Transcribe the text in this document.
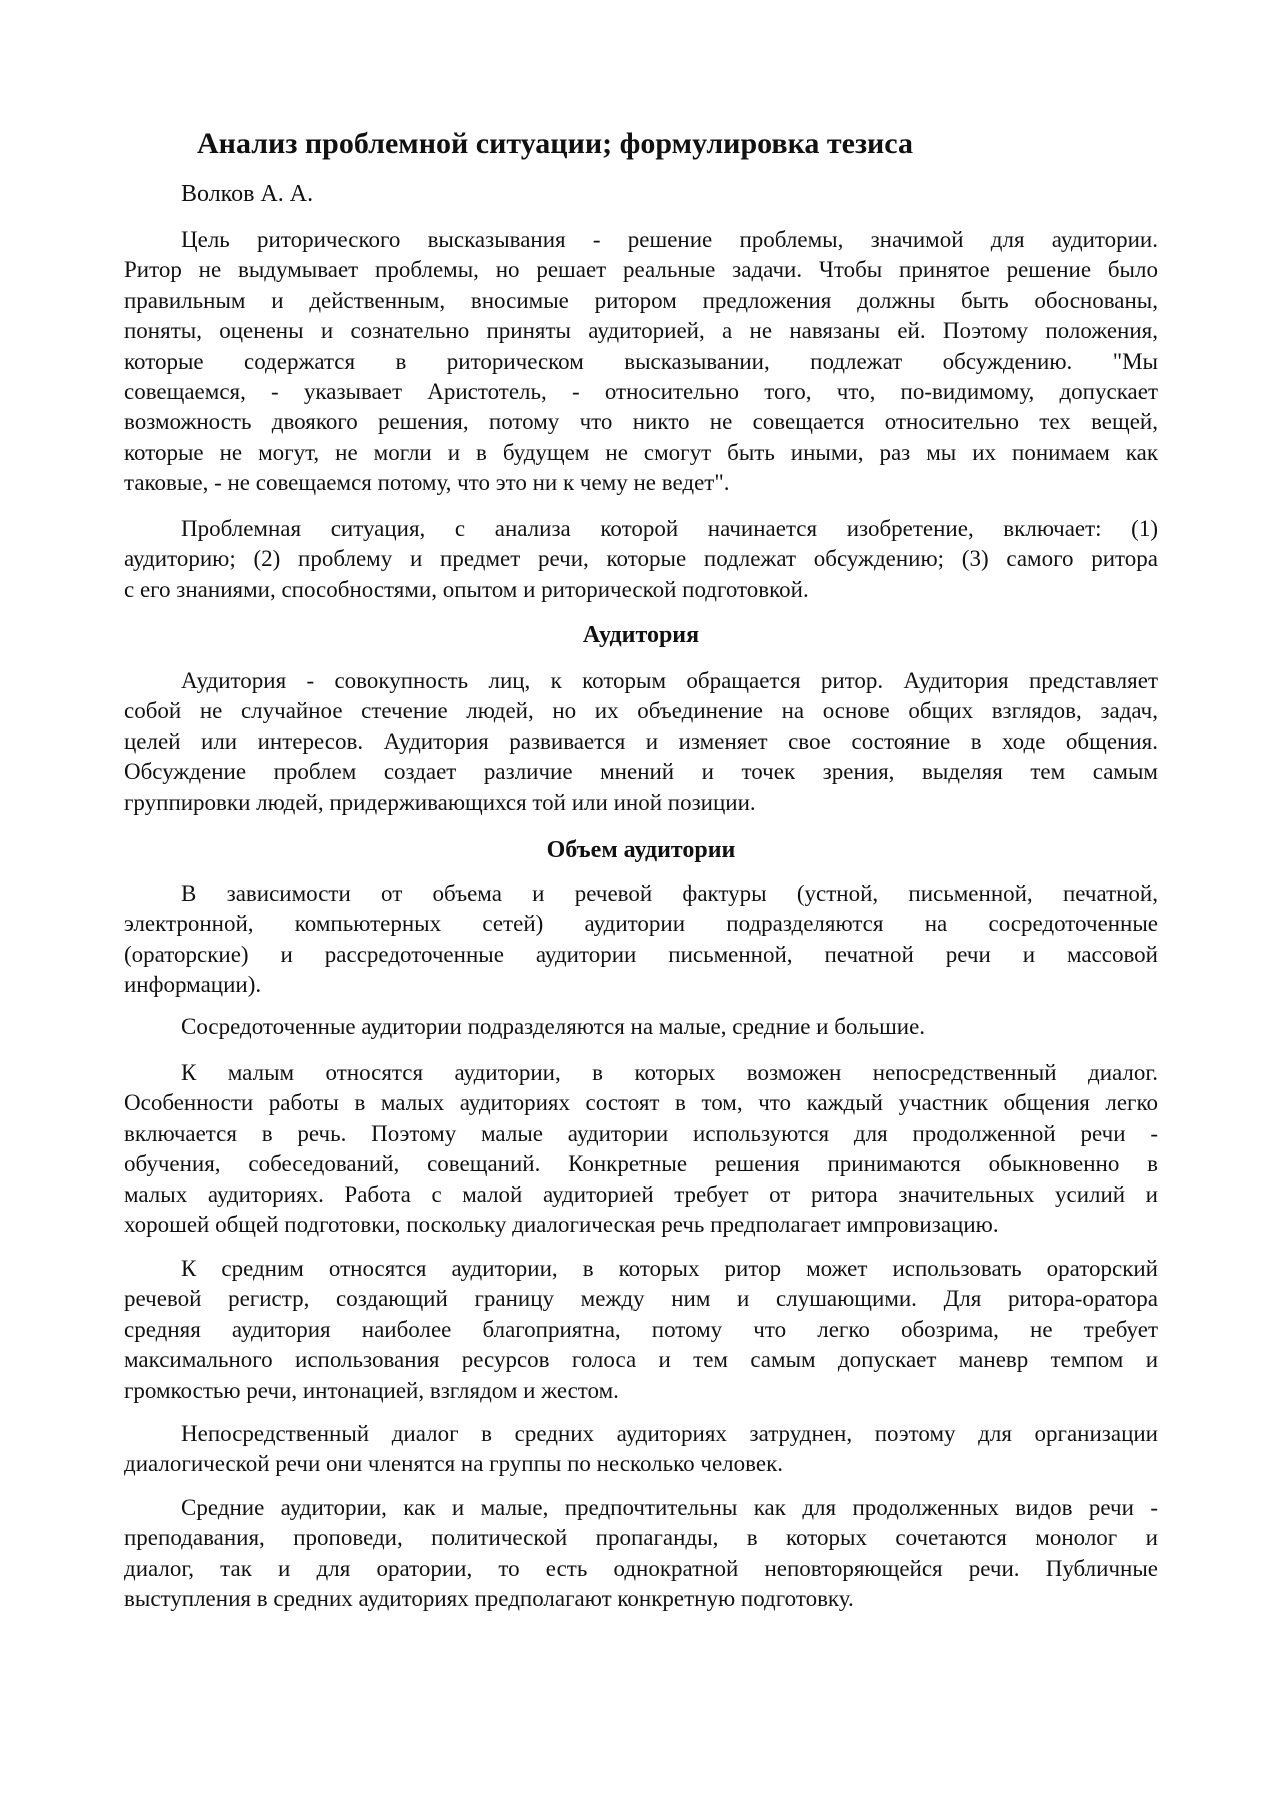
Анализ проблемной ситуации; формулировка тезиса
Волков А. А.
Цель риторического высказывания - решение проблемы, значимой для аудитории.
Ритор не выдумывает проблемы, но решает реальные задачи. Чтобы принятое решение было
правильным и действенным, вносимые ритором предложения должны быть обоснованы,
поняты, оценены и сознательно приняты аудиторией, а не навязаны ей. Поэтому положения,
которые содержатся в риторическом высказывании, подлежат обсуждению. "Мы
совещаемся, - указывает Аристотель, - относительно того, что, по-видимому, допускает
возможность двоякого решения, потому что никто не совещается относительно тех вещей,
которые не могут, не могли и в будущем не смогут быть иными, раз мы их понимаем как
таковые, - не совещаемся потому, что это ни к чему не ведет".
Проблемная ситуация, с анализа которой начинается изобретение, включает: (1)
аудиторию; (2) проблему и предмет речи, которые подлежат обсуждению; (3) самого ритора
с его знаниями, способностями, опытом и риторической подготовкой.
Аудитория
Аудитория - совокупность лиц, к которым обращается ритор. Аудитория представляет
собой не случайное стечение людей, но их объединение на основе общих взглядов, задач,
целей или интересов. Аудитория развивается и изменяет свое состояние в ходе общения.
Обсуждение проблем создает различие мнений и точек зрения, выделяя тем самым
группировки людей, придерживающихся той или иной позиции.
Объем аудитории
В зависимости от объема и речевой фактуры (устной, письменной, печатной,
электронной, компьютерных сетей) аудитории подразделяются на сосредоточенные
(ораторские) и рассредоточенные аудитории письменной, печатной речи и массовой
информации).
Сосредоточенные аудитории подразделяются на малые, средние и большие.
К малым относятся аудитории, в которых возможен непосредственный диалог.
Особенности работы в малых аудиториях состоят в том, что каждый участник общения легко
включается в речь. Поэтому малые аудитории используются для продолженной речи -
обучения, собеседований, совещаний. Конкретные решения принимаются обыкновенно в
малых аудиториях. Работа с малой аудиторией требует от ритора значительных усилий и
хорошей общей подготовки, поскольку диалогическая речь предполагает импровизацию.
К средним относятся аудитории, в которых ритор может использовать ораторский
речевой регистр, создающий границу между ним и слушающими. Для ритора-оратора
средняя аудитория наиболее благоприятна, потому что легко обозрима, не требует
максимального использования ресурсов голоса и тем самым допускает маневр темпом и
громкостью речи, интонацией, взглядом и жестом.
Непосредственный диалог в средних аудиториях затруднен, поэтому для организации
диалогической речи они членятся на группы по несколько человек.
Средние аудитории, как и малые, предпочтительны как для продолженных видов речи -
преподавания, проповеди, политической пропаганды, в которых сочетаются монолог и
диалог, так и для оратории, то есть однократной неповторяющейся речи. Публичные
выступления в средних аудиториях предполагают конкретную подготовку.
